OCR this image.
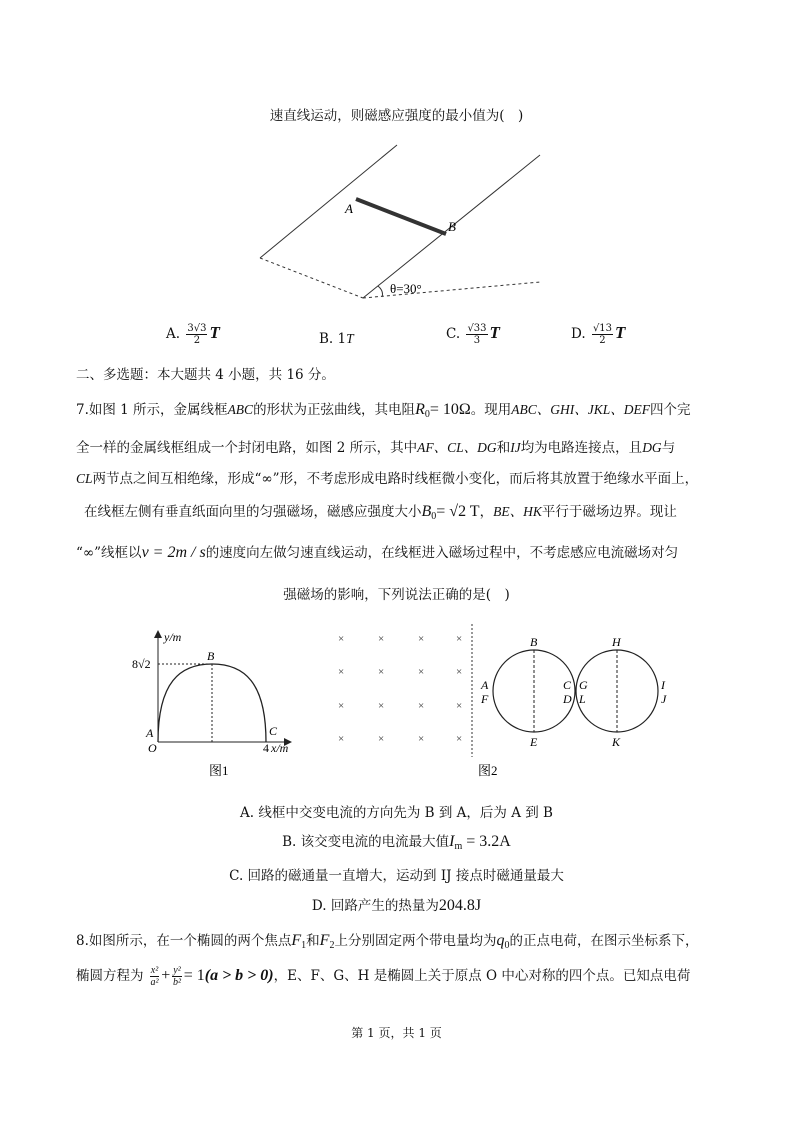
速直线运动，则磁感应强度的最小值为(　)
A
B
θ=30°
A. $\frac{3√3}{2}$ T	B. 1T	C. $\frac{√33}{3}$ T	D. $\frac{√13}{2}$ T
二、多选题：本大题共 4 小题，共 16 分。
7.如图 1 所示，金属线框ABC的形状为正弦曲线，其电阻$R_0= 10\Omega$。现用ABC、GHI、JKL、DEF四个完
全一样的金属线框组成一个封闭电路，如图 2 所示，其中AF、CL、DG和IJ均为电路连接点，且DG与
CL两节点之间互相绝缘，形成“∞”形，不考虑形成电路时线框微小变化，而后将其放置于绝缘水平面上，
在线框左侧有垂直纸面向里的匀强磁场，磁感应强度大小$B_0= √2$ T，BE、HK平行于磁场边界。现让
“∞”线框以v = 2m / s的速度向左做匀速直线运动，在线框进入磁场过程中，不考虑感应电流磁场对匀
强磁场的影响，下列说法正确的是(　)
y/m
8√2
B
A
O
C
4 x/m
图1
×	×	×	×
×	×	×	×
×	×	×	×
×	×	×	×
B	H
A
F
C
D
G
L
I
J
E	K
图2
A. 线框中交变电流的方向先为 B 到 A，后为 A 到 B
B. 该交变电流的电流最大值$I_m = 3.2A$
C. 回路的磁通量一直增大，运动到 IJ 接点时磁通量最大
D. 回路产生的热量为204.8J
8.如图所示，在一个椭圆的两个焦点$F_1$和$F_2$上分别固定两个带电量均为$q_0$的正点电荷，在图示坐标系下，
椭圆方程为 $\frac{\text{x²}}{\text{a²}} + \frac{\text{y²}}{\text{b²}} = 1(a > b > 0)$，E、F、G、H 是椭圆上关于原点 O 中心对称的四个点。已知点电荷
第 1 页，共 1 页
